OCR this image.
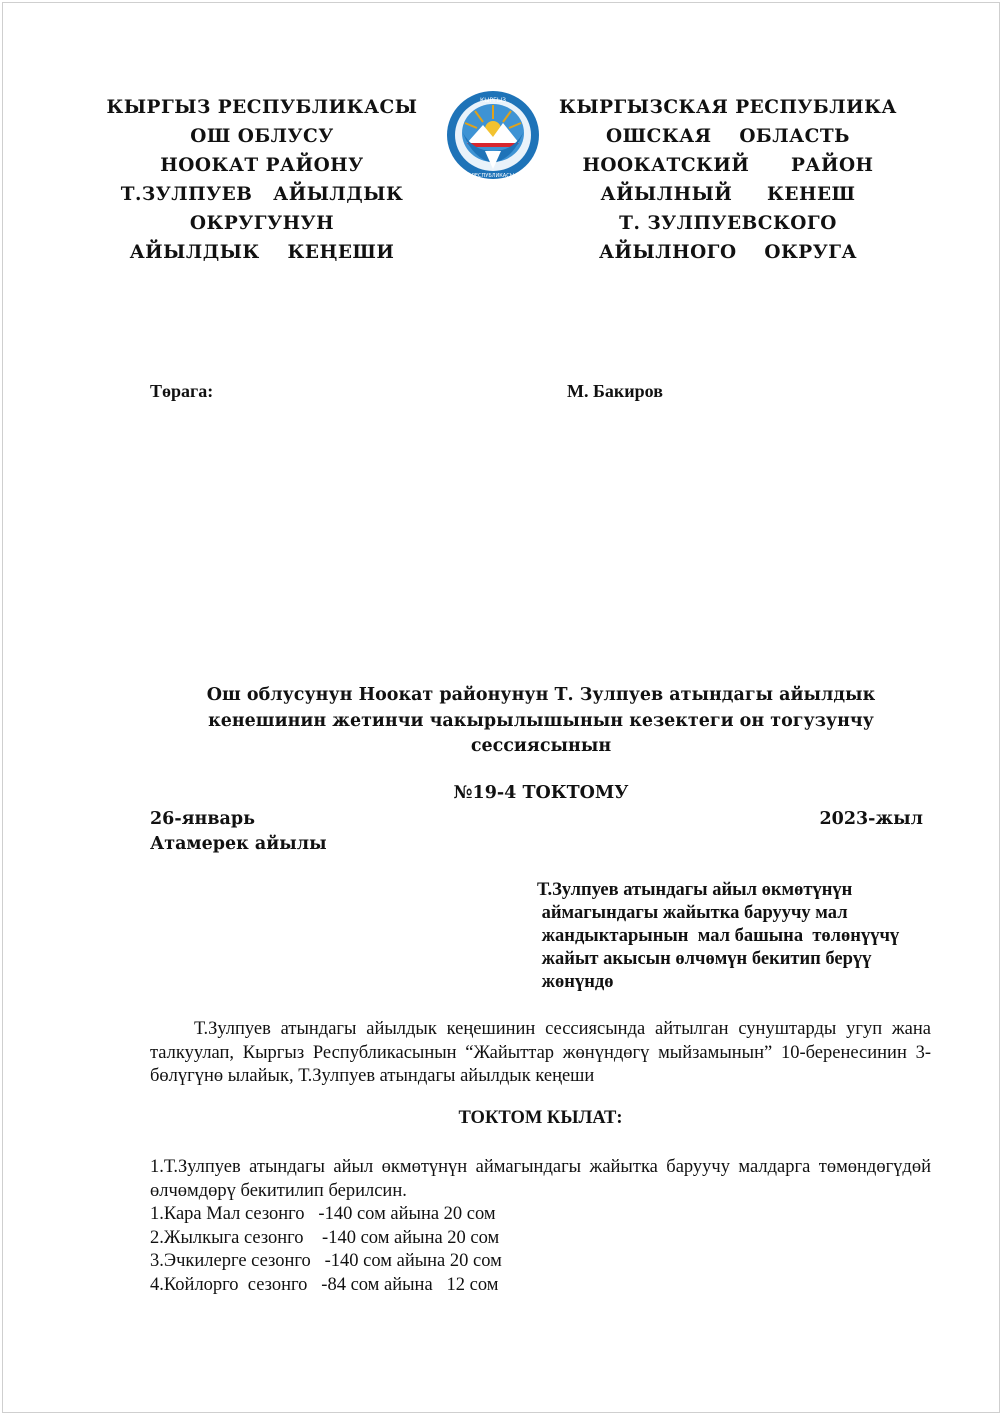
КЫРГЫЗ РЕСПУБЛИКАСЫ
ОШ ОБЛУСУ
НООКАТ РАЙОНУ
Т.ЗУЛПУЕВ   АЙЫЛДЫК
ОКРУГУНУН
АЙЫЛДЫК    КЕҢЕШИ
КЫРГЫЗ
РЕСПУБЛИКАСЫ
КЫРГЫЗСКАЯ РЕСПУБЛИКА
ОШСКАЯ    ОБЛАСТЬ
НООКАТСКИЙ      РАЙОН
АЙЫЛНЫЙ     КЕНЕШ
Т. ЗУЛПУЕВСКОГО
АЙЫЛНОГО    ОКРУГА
Төрага:	М. Бакиров
Ош облусунун Ноокат районунун Т. Зулпуев атындагы айылдык
кенешинин жетинчи чакырылышынын кезектеги он тогузунчу
сессиясынын
№19-4 ТОКТОМУ
26-январь	2023-жыл
Атамерек айылы
Т.Зулпуев атындагы айыл өкмөтүнүн
аймагындагы жайытка баруучу мал
жандыктарынын  мал башына  төлөнүүчү
жайыт акысын өлчөмүн бекитип берүү
жөнүндө
Т.Зулпуев атындагы айылдык кеңешинин сессиясында айтылган сунуштарды угуп жана талкуулап, Кыргыз Республикасынын “Жайыттар жөнүндөгү мыйзамынын” 10-беренесинин 3-бөлүгүнө ылайык, Т.Зулпуев атындагы айылдык кеңеши
ТОКТОМ КЫЛАТ:
1.Т.Зулпуев атындагы айыл өкмөтүнүн аймагындагы жайытка баруучу малдарга төмөндөгүдөй өлчөмдөрү бекитилип берилсин.
1.Кара Мал сезонго   -140 сом айына 20 сом
2.Жылкыга сезонго    -140 сом айына 20 сом
3.Эчкилерге сезонго   -140 сом айына 20 сом
4.Койлорго  сезонго   -84 сом айына   12 сом
